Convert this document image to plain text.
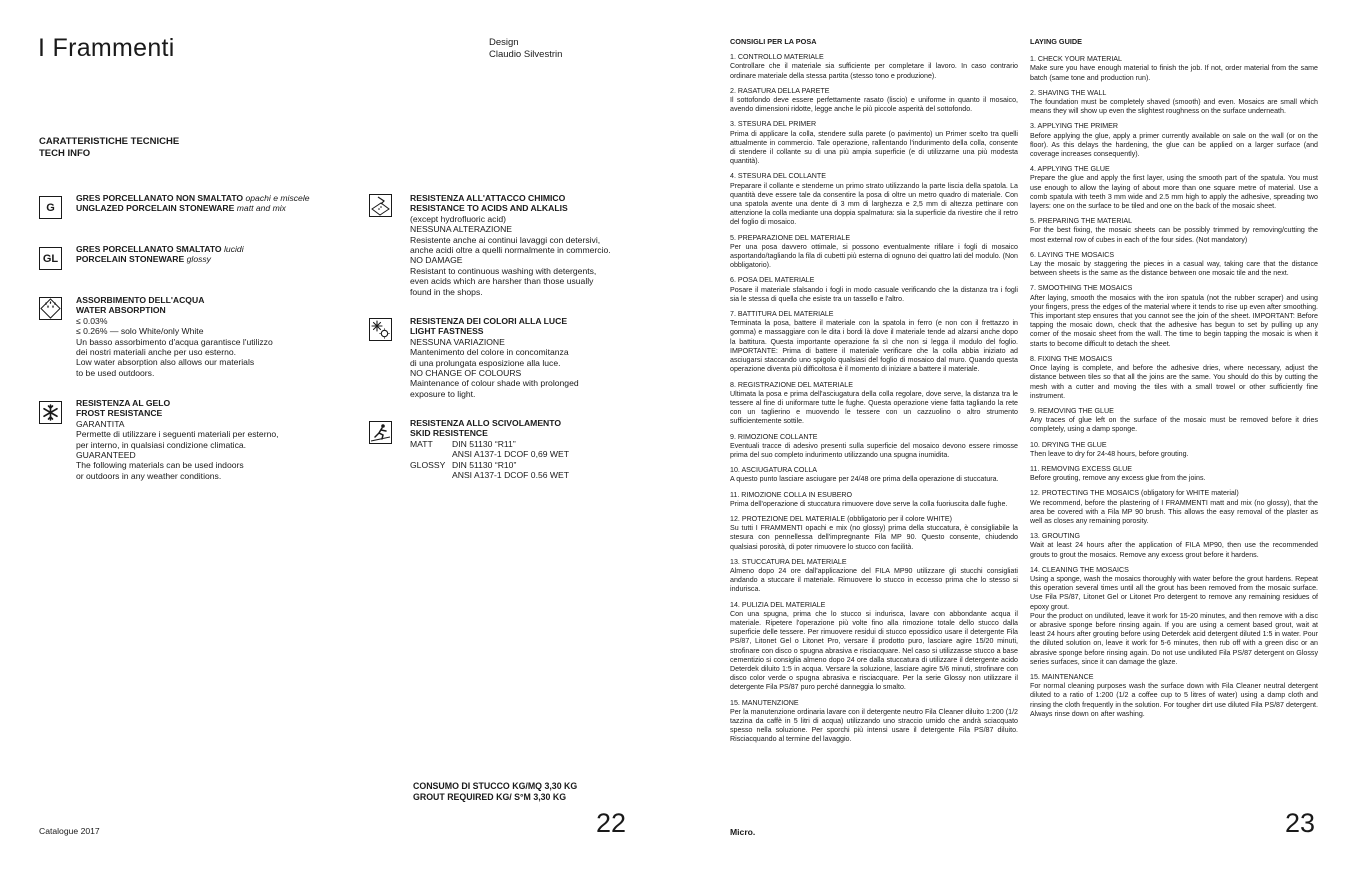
I Frammenti	Design
Claudio Silvestrin
CARATTERISTICHE TECNICHE
TECH INFO
G
GRES PORCELLANATO NON SMALTATO opachi e miscele
UNGLAZED PORCELAIN STONEWARE matt and mix
GL
GRES PORCELLANATO SMALTATO lucidi
PORCELAIN STONEWARE glossy
ASSORBIMENTO DELL'ACQUA
WATER ABSORPTION
≤ 0.03%
≤ 0.26% — solo White/only White
Un basso assorbimento d'acqua garantisce l'utilizzo
dei nostri materiali anche per uso esterno.
Low water absorption also allows our materials
to be used outdoors.
RESISTENZA AL GELO
FROST RESISTANCE
GARANTITA
Permette di utilizzare i seguenti materiali per esterno,
per interno, in qualsiasi condizione climatica.
GUARANTEED
The following materials can be used indoors
or outdoors in any weather conditions.
RESISTENZA ALL'ATTACCO CHIMICO
RESISTANCE TO ACIDS AND ALKALIS
(except hydrofluoric acid)
NESSUNA ALTERAZIONE
Resistente anche ai continui lavaggi con detersivi,
anche acidi oltre a quelli normalmente in commercio.
NO DAMAGE
Resistant to continuous washing with detergents,
even acids which are harsher than those usually
found in the shops.
RESISTENZA DEI COLORI ALLA LUCE
LIGHT FASTNESS
NESSUNA VARIAZIONE
Mantenimento del colore in concomitanza
di una prolungata esposizione alla luce.
NO CHANGE OF COLOURS
Maintenance of colour shade with prolonged
exposure to light.
RESISTENZA ALLO SCIVOLAMENTO
SKID RESISTENCE
MATT	DIN 51130 “R11”
ANSI A137-1 DCOF 0,69 WET
GLOSSY DIN 51130 “R10”
ANSI A137-1 DCOF 0.56 WET
CONSUMO DI STUCCO KG/MQ 3,30 KG
GROUT REQUIRED KG/ S°M 3,30 KG
Catalogue 2017	22
CONSIGLI PER LA POSA
1. CONTROLLO MATERIALE

Controllare che il materiale sia sufficiente per completare il lavoro. In caso contrario ordinare materiale della stessa partita (stesso tono e produzione).

2. RASATURA DELLA PARETE

Il sottofondo deve essere perfettamente rasato (liscio) e uniforme in quanto il mosaico, avendo dimensioni ridotte, legge anche le più piccole asperità del sottofondo.

3. STESURA DEL PRIMER

Prima di applicare la colla, stendere sulla parete (o pavimento) un Primer scelto tra quelli attualmente in commercio. Tale operazione, rallentando l'indurimento della colla, consente di stendere il collante su di una più ampia superficie (e di utilizzarne una più modesta quantità).

4. STESURA DEL COLLANTE

Preparare il collante e stenderne un primo strato utilizzando la parte liscia della spatola. La quantità deve essere tale da consentire la posa di oltre un metro quadro di materiale. Con una spatola avente una dente di 3 mm di larghezza e 2,5 mm di altezza pettinare con attenzione la colla mediante una doppia spalmatura: sia la superficie da rivestire che il retro del foglio di mosaico.

5. PREPARAZIONE DEL MATERIALE

Per una posa davvero ottimale, si possono eventualmente rifilare i fogli di mosaico asportando/tagliando la fila di cubetti più esterna di ognuno dei quattro lati del modulo. (Non obbligatorio).

6. POSA DEL MATERIALE

Posare il materiale sfalsando i fogli in modo casuale verificando che la distanza tra i fogli sia le stessa di quella che esiste tra un tassello e l'altro.

7. BATTITURA DEL MATERIALE

Terminata la posa, battere il materiale con la spatola in ferro (e non con il frettazzo in gomma) e massaggiare con le dita i bordi là dove il materiale tende ad alzarsi anche dopo la battitura. Questa importante operazione fa sì che non si legga il modulo del foglio. IMPORTANTE: Prima di battere il materiale verificare che la colla abbia iniziato ad asciugarsi staccando uno spigolo qualsiasi del foglio di mosaico dal muro. Quando questa operazione diventa più difficoltosa è il momento di iniziare a battere il materiale.

8. REGISTRAZIONE DEL MATERIALE

Ultimata la posa e prima dell'asciugatura della colla regolare, dove serve, la distanza tra le tessere al fine di uniformare tutte le fughe. Questa operazione viene fatta tagliando la rete con un taglierino e muovendo le tessere con un cazzuolino o altro strumento sufficientemente sottile.

9. RIMOZIONE COLLANTE

Eventuali tracce di adesivo presenti sulla superficie del mosaico devono essere rimosse prima del suo completo indurimento utilizzando una spugna inumidita.

10. ASCIUGATURA COLLA

A questo punto lasciare asciugare per 24/48 ore prima della operazione di stuccatura.

11. RIMOZIONE COLLA IN ESUBERO

Prima dell'operazione di stuccatura rimuovere dove serve la colla fuoriuscita dalle fughe.

12. PROTEZIONE DEL MATERIALE (obbligatorio per il colore WHITE)

Su tutti I FRAMMENTI opachi e mix (no glossy) prima della stuccatura, è consigliabile la stesura con pennellessa dell'impregnante Fila MP 90. Questo consente, chiudendo qualsiasi porosità, di poter rimuovere lo stucco con facilità.

13. STUCCATURA DEL MATERIALE

Almeno dopo 24 ore dall'applicazione del FILA MP90 utilizzare gli stucchi consigliati andando a stuccare il materiale. Rimuovere lo stucco in eccesso prima che lo stesso si indurisca.

14. PULIZIA DEL MATERIALE

Con una spugna, prima che lo stucco si indurisca, lavare con abbondante acqua il materiale. Ripetere l'operazione più volte fino alla rimozione totale dello stucco dalla superficie delle tessere. Per rimuovere residui di stucco epossidico usare il detergente Fila PS/87, Litonet Gel o Litonet Pro, versare il prodotto puro, lasciare agire 15/20 minuti, strofinare con disco o spugna abrasiva e risciacquare. Nel caso si utilizzasse stucco a base cementizio si consiglia almeno dopo 24 ore dalla stuccatura di utilizzare il detergente acido Deterdek diluito 1:5 in acqua. Versare la soluzione, lasciare agire 5/6 minuti, strofinare con disco color verde o spugna abrasiva e risciacquare. Per la serie Glossy non utilizzare il detergente Fila PS/87 puro perché danneggia lo smalto.

15. MANUTENZIONE

Per la manutenzione ordinaria lavare con il detergente neutro Fila Cleaner diluito 1:200 (1/2 tazzina da caffè in 5 litri di acqua) utilizzando uno straccio umido che andrà sciacquato spesso nella soluzione. Per sporchi più intensi usare il detergente Fila PS/87 diluito. Risciacquando al termine del lavaggio.

LAYING GUIDE
1. CHECK YOUR MATERIAL

Make sure you have enough material to finish the job. If not, order material from the same batch (same tone and production run).

2. SHAVING THE WALL

The foundation must be completely shaved (smooth) and even. Mosaics are small which means they will show up even the slightest roughness on the surface underneath.

3. APPLYING THE PRIMER

Before applying the glue, apply a primer currently available on sale on the wall (or on the floor). As this delays the hardening, the glue can be applied on a larger surface (and coverage increases consequently).

4. APPLYING THE GLUE

Prepare the glue and apply the first layer, using the smooth part of the spatula. You must use enough to allow the laying of about more than one square metre of material. Use a comb spatula with teeth 3 mm wide and 2.5 mm high to apply the adhesive, spreading two layers: one on the surface to be tiled and one on the back of the mosaic sheet.

5. PREPARING THE MATERIAL

For the best fixing, the mosaic sheets can be possibly trimmed by removing/cutting the most external row of cubes in each of the four sides. (Not mandatory)

6. LAYING THE MOSAICS

Lay the mosaic by staggering the pieces in a casual way, taking care that the distance between sheets is the same as the distance between one mosaic tile and the next.

7. SMOOTHING THE MOSAICS

After laying, smooth the mosaics with the iron spatula (not the rubber scraper) and using your fingers, press the edges of the material where it tends to rise up even after smoothing. This important step ensures that you cannot see the join of the sheet. IMPORTANT: Before tapping the mosaic down, check that the adhesive has begun to set by pulling up any corner of the mosaic sheet from the wall. The time to begin tapping the mosaic is when it starts to become difficult to detach the sheet.

8. FIXING THE MOSAICS

Once laying is complete, and before the adhesive dries, where necessary, adjust the distance between tiles so that all the joins are the same. You should do this by cutting the mesh with a cutter and moving the tiles with a small trowel or other sufficiently fine instrument.

9. REMOVING THE GLUE

Any traces of glue left on the surface of the mosaic must be removed before it dries completely, using a damp sponge.

10. DRYING THE GLUE

Then leave to dry for 24-48 hours, before grouting.

11. REMOVING EXCESS GLUE

Before grouting, remove any excess glue from the joins.

12. PROTECTING THE MOSAICS (obligatory for WHITE material)

We recommend, before the plastering of I FRAMMENTI matt and mix (no glossy), that the area be covered with a Fila MP 90 brush. This allows the easy removal of the plaster as well as closes any remaining porosity.

13. GROUTING

Wait at least 24 hours after the application of FILA MP90, then use the recommended grouts to grout the mosaics. Remove any excess grout before it hardens.

14. CLEANING THE MOSAICS

Using a sponge, wash the mosaics thoroughly with water before the grout hardens. Repeat this operation several times until all the grout has been removed from the mosaic surface. Use Fila PS/87, Litonet Gel or Litonet Pro detergent to remove any remaining residues of epoxy grout.

Pour the product on undiluted, leave it work for 15-20 minutes, and then remove with a disc or abrasive sponge before rinsing again. If you are using a cement based grout, wait at least 24 hours after grouting before using Deterdek acid detergent diluted 1:5 in water. Pour the diluted solution on, leave it work for 5-6 minutes, then rub off with a green disc or an abrasive sponge before rinsing again. Do not use undiluted Fila PS/87 detergent on Glossy series surfaces, since it can damage the glaze.

15. MAINTENANCE

For normal cleaning purposes wash the surface down with Fila Cleaner neutral detergent diluted to a ratio of 1:200 (1/2 a coffee cup to 5 litres of water) using a damp cloth and rinsing the cloth frequently in the solution. For tougher dirt use diluted Fila PS/87 detergent. Always rinse down on after washing.

Micro.	23
